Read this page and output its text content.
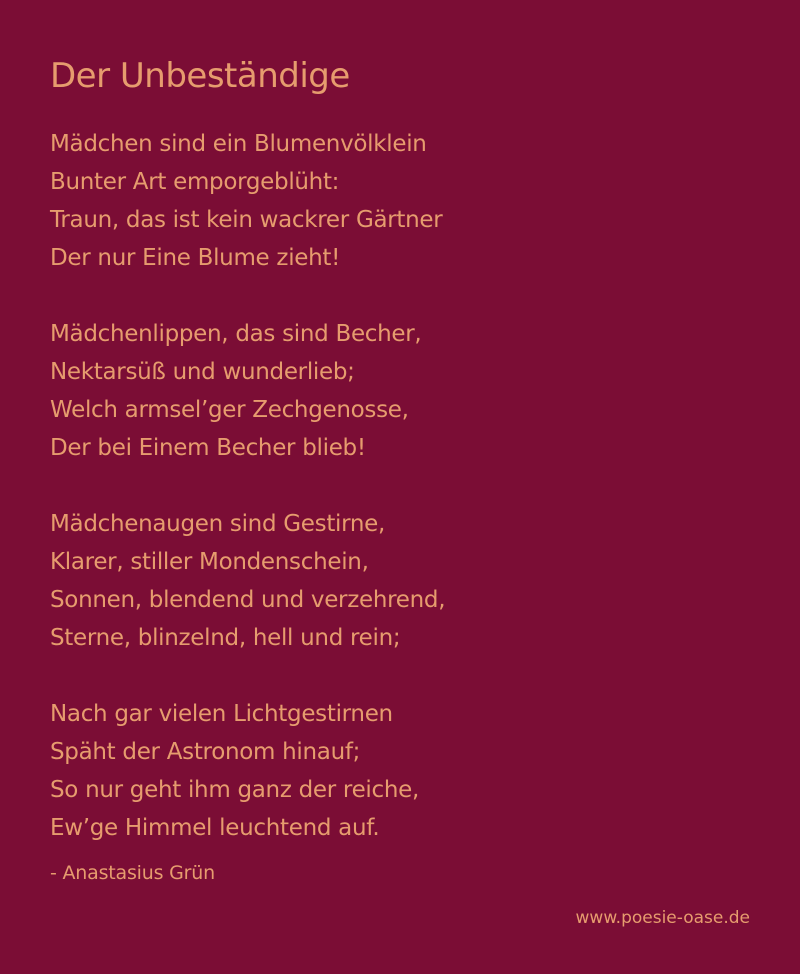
Der Unbeständige
Mädchen sind ein Blumenvölklein
Bunter Art emporgeblüht:
Traun, das ist kein wackrer Gärtner
Der nur Eine Blume zieht!
Mädchenlippen, das sind Becher,
Nektarsüß und wunderlieb;
Welch armsel’ger Zechgenosse,
Der bei Einem Becher blieb!
Mädchenaugen sind Gestirne,
Klarer, stiller Mondenschein,
Sonnen, blendend und verzehrend,
Sterne, blinzelnd, hell und rein;
Nach gar vielen Lichtgestirnen
Späht der Astronom hinauf;
So nur geht ihm ganz der reiche,
Ew’ge Himmel leuchtend auf.
- Anastasius Grün
www.poesie-oase.de
